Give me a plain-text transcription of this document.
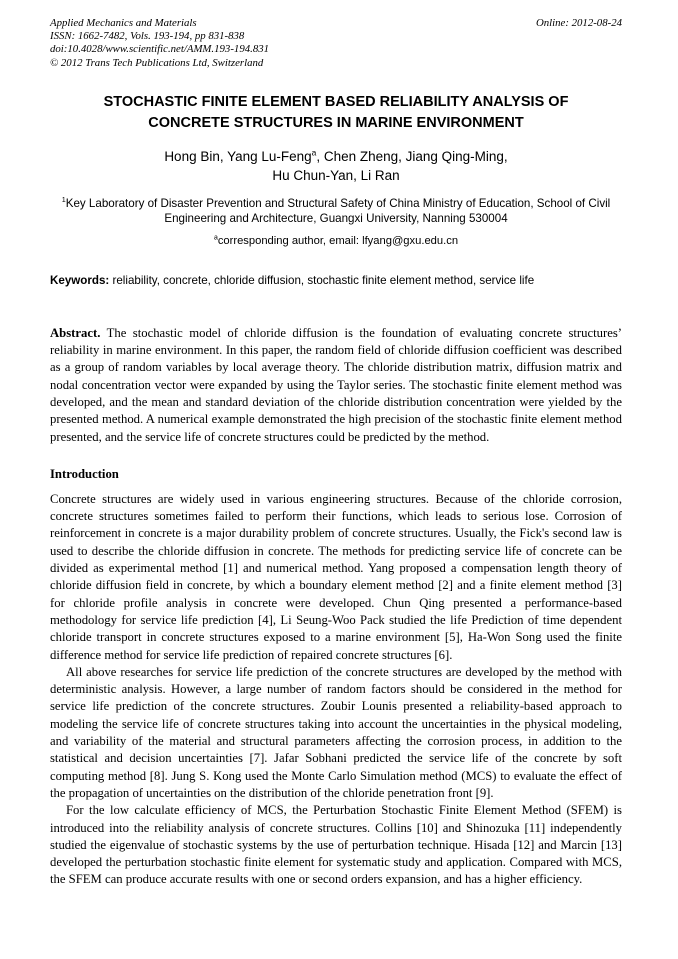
Applied Mechanics and Materials
ISSN: 1662-7482, Vols. 193-194, pp 831-838
doi:10.4028/www.scientific.net/AMM.193-194.831
© 2012 Trans Tech Publications Ltd, Switzerland
Online: 2012-08-24
STOCHASTIC FINITE ELEMENT BASED RELIABILITY ANALYSIS OF CONCRETE STRUCTURES IN MARINE ENVIRONMENT
Hong Bin, Yang Lu-Feng$^a$, Chen Zheng, Jiang Qing-Ming,
Hu Chun-Yan, Li Ran
$^1$Key Laboratory of Disaster Prevention and Structural Safety of China Ministry of Education, School of Civil Engineering and Architecture, Guangxi University, Nanning 530004
$^a$corresponding author, email: lfyang@gxu.edu.cn
Keywords: reliability, concrete, chloride diffusion, stochastic finite element method, service life

Abstract. The stochastic model of chloride diffusion is the foundation of evaluating concrete structures’ reliability in marine environment. In this paper, the random field of chloride diffusion coefficient was described as a group of random variables by local average theory. The chloride distribution matrix, diffusion matrix and nodal concentration vector were expanded by using the Taylor series. The stochastic finite element method was developed, and the mean and standard deviation of the chloride distribution concentration were yielded by the presented method. A numerical example demonstrated the high precision of the stochastic finite element method presented, and the service life of concrete structures could be predicted by the method.

Introduction

Concrete structures are widely used in various engineering structures. Because of the chloride corrosion, concrete structures sometimes failed to perform their functions, which leads to serious lose. Corrosion of reinforcement in concrete is a major durability problem of concrete structures. Usually, the Fick's second law is used to describe the chloride diffusion in concrete. The methods for predicting service life of concrete can be divided as experimental method [1] and numerical method. Yang proposed a compensation length theory of chloride diffusion field in concrete, by which a boundary element method [2] and a finite element method [3] for chloride profile analysis in concrete were developed. Chun Qing presented a performance-based methodology for service life prediction [4], Li Seung-Woo Pack studied the life Prediction of time dependent chloride transport in concrete structures exposed to a marine environment [5], Ha-Won Song used the finite difference method for service life prediction of repaired concrete structures [6].

All above researches for service life prediction of the concrete structures are developed by the method with deterministic analysis. However, a large number of random factors should be considered in the method for service life prediction of the concrete structures. Zoubir Lounis presented a reliability-based approach to modeling the service life of concrete structures taking into account the uncertainties in the physical modeling, and variability of the material and structural parameters affecting the corrosion process, in addition to the statistical and decision uncertainties [7]. Jafar Sobhani predicted the service life of the concrete by soft computing method [8]. Jung S. Kong used the Monte Carlo Simulation method (MCS) to evaluate the effect of the propagation of uncertainties on the distribution of the chloride penetration front [9].

For the low calculate efficiency of MCS, the Perturbation Stochastic Finite Element Method (SFEM) is introduced into the reliability analysis of concrete structures. Collins [10] and Shinozuka [11] independently studied the eigenvalue of stochastic systems by the use of perturbation technique. Hisada [12] and Marcin [13] developed the perturbation stochastic finite element for systematic study and application. Compared with MCS, the SFEM can produce accurate results with one or second orders expansion, and has a higher efficiency.
